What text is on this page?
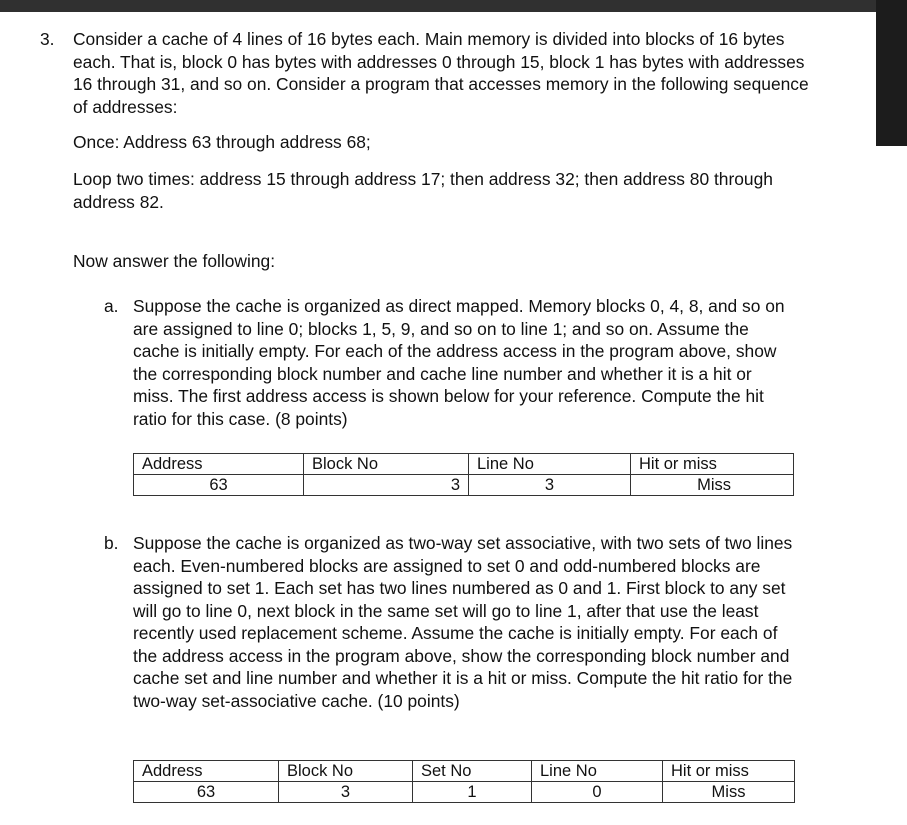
3. Consider a cache of 4 lines of 16 bytes each. Main memory is divided into blocks of 16 bytes each. That is, block 0 has bytes with addresses 0 through 15, block 1 has bytes with addresses 16 through 31, and so on. Consider a program that accesses memory in the following sequence of addresses:
Once: Address 63 through address 68;
Loop two times: address 15 through address 17; then address 32; then address 80 through address 82.
Now answer the following:
a. Suppose the cache is organized as direct mapped. Memory blocks 0, 4, 8, and so on are assigned to line 0; blocks 1, 5, 9, and so on to line 1; and so on. Assume the cache is initially empty. For each of the address access in the program above, show the corresponding block number and cache line number and whether it is a hit or miss. The first address access is shown below for your reference. Compute the hit ratio for this case. (8 points)
Address	Block No	Line No	Hit or miss
63	3	3	Miss
b. Suppose the cache is organized as two-way set associative, with two sets of two lines each. Even-numbered blocks are assigned to set 0 and odd-numbered blocks are assigned to set 1. Each set has two lines numbered as 0 and 1. First block to any set will go to line 0, next block in the same set will go to line 1, after that use the least recently used replacement scheme. Assume the cache is initially empty. For each of the address access in the program above, show the corresponding block number and cache set and line number and whether it is a hit or miss. Compute the hit ratio for the two-way set-associative cache. (10 points)
Address	Block No	Set No	Line No	Hit or miss
63	3	1	0	Miss
